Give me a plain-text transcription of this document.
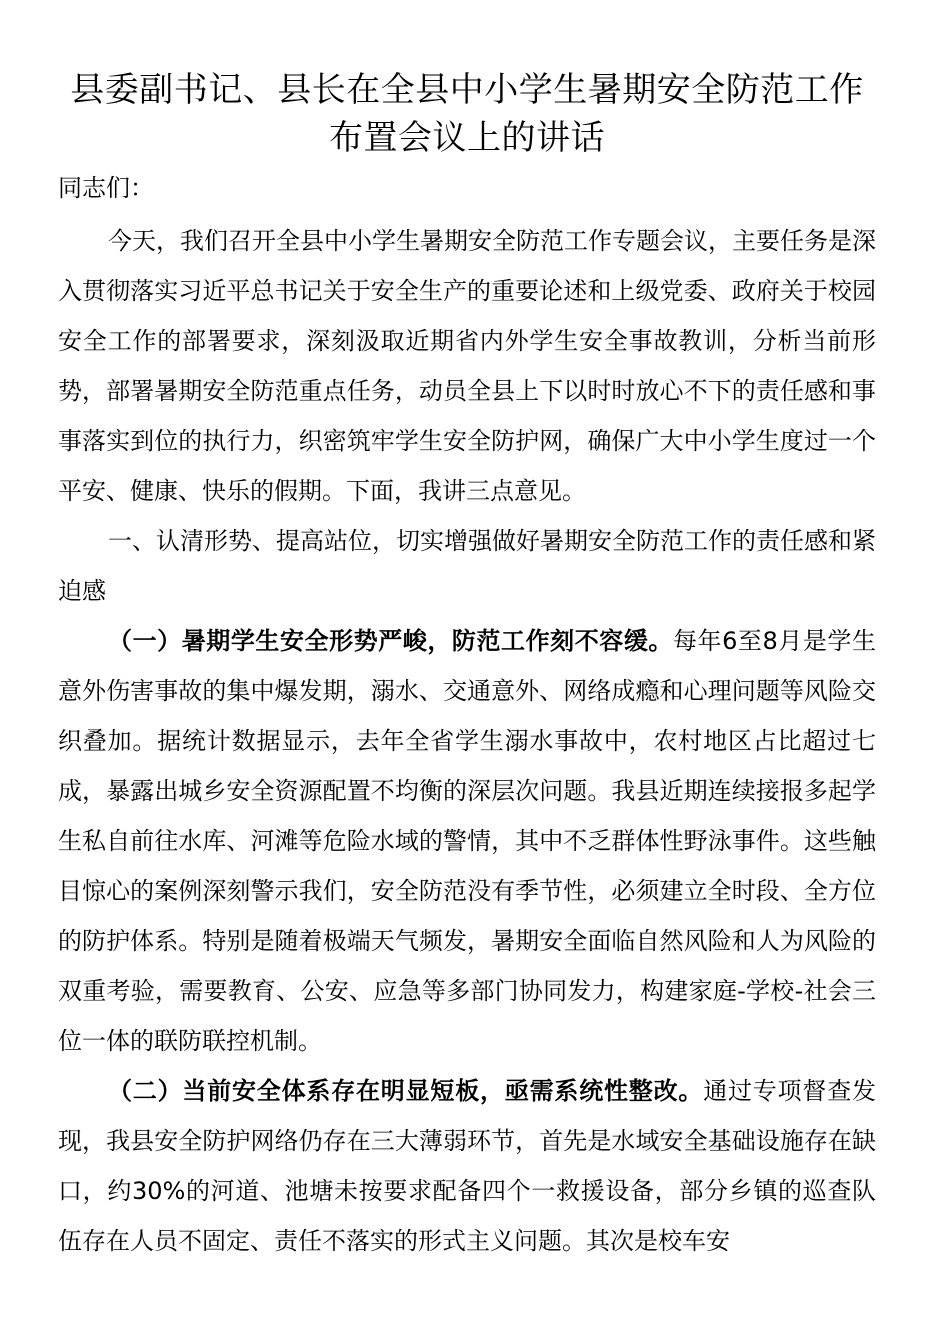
县委副书记、县长在全县中小学生暑期安全防范工作
布置会议上的讲话

同志们：

今天，我们召开全县中小学生暑期安全防范工作专题会议，主要任务是深入贯彻落实习近平总书记关于安全生产的重要论述和上级党委、政府关于校园安全工作的部署要求，深刻汲取近期省内外学生安全事故教训，分析当前形势，部署暑期安全防范重点任务，动员全县上下以时时放心不下的责任感和事事落实到位的执行力，织密筑牢学生安全防护网，确保广大中小学生度过一个平安、健康、快乐的假期。下面，我讲三点意见。

一、认清形势、提高站位，切实增强做好暑期安全防范工作的责任感和紧迫感

（一）暑期学生安全形势严峻，防范工作刻不容缓。每年6至8月是学生意外伤害事故的集中爆发期，溺水、交通意外、网络成瘾和心理问题等风险交织叠加。据统计数据显示，去年全省学生溺水事故中，农村地区占比超过七成，暴露出城乡安全资源配置不均衡的深层次问题。我县近期连续接报多起学生私自前往水库、河滩等危险水域的警情，其中不乏群体性野泳事件。这些触目惊心的案例深刻警示我们，安全防范没有季节性，必须建立全时段、全方位的防护体系。特别是随着极端天气频发，暑期安全面临自然风险和人为风险的双重考验，需要教育、公安、应急等多部门协同发力，构建家庭-学校-社会三位一体的联防联控机制。

（二）当前安全体系存在明显短板，亟需系统性整改。通过专项督查发现，我县安全防护网络仍存在三大薄弱环节，首先是水域安全基础设施存在缺口，约30%的河道、池塘未按要求配备四个一救援设备，部分乡镇的巡查队伍存在人员不固定、责任不落实的形式主义问题。其次是校车安
